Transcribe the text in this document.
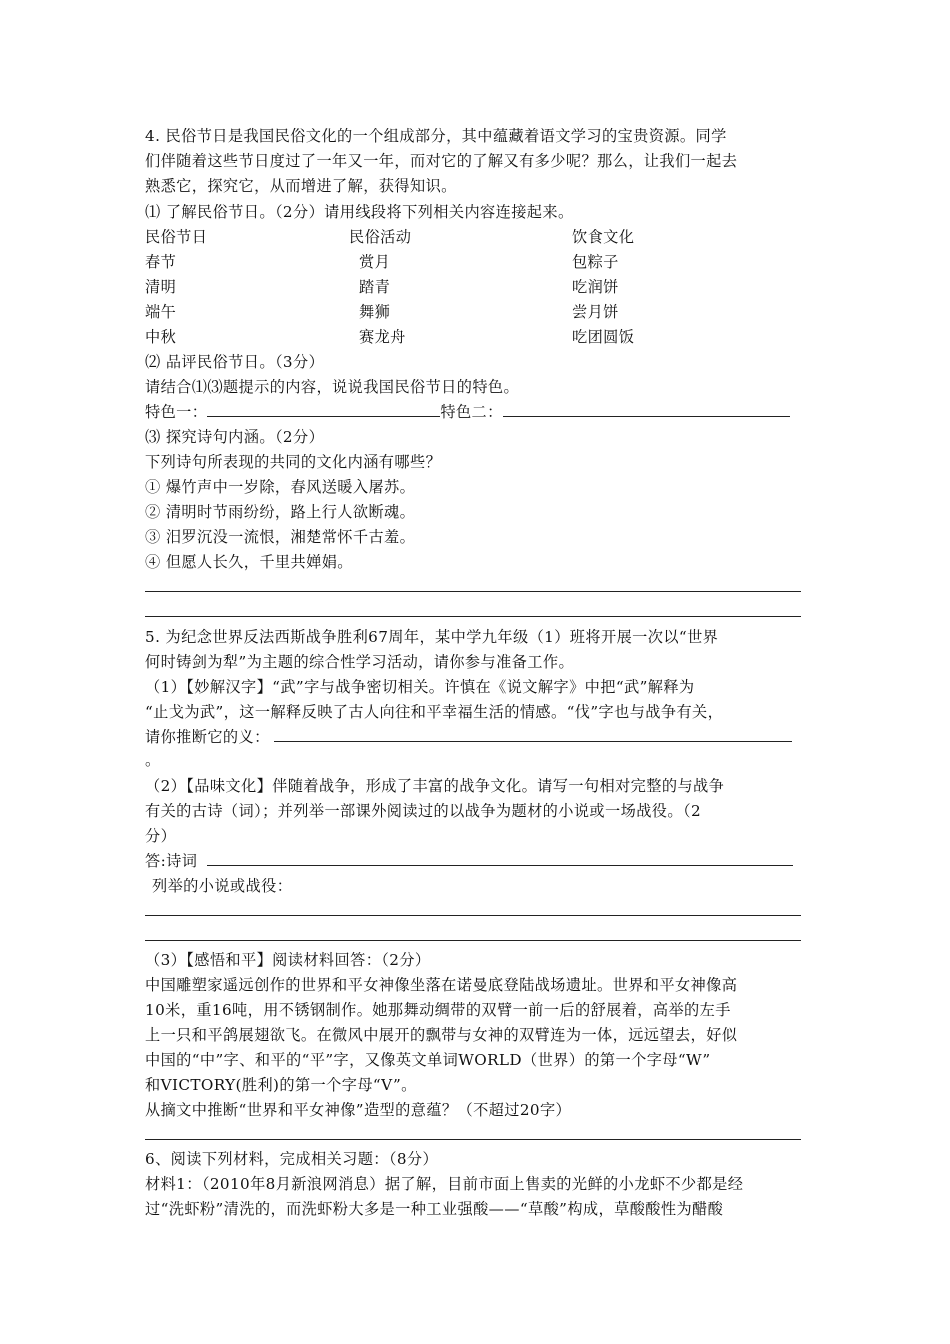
4. 民俗节日是我国民俗文化的一个组成部分，其中蕴藏着语文学习的宝贵资源。同学
们伴随着这些节日度过了一年又一年，而对它的了解又有多少呢？那么，让我们一起去
熟悉它，探究它，从而增进了解，获得知识。
⑴ 了解民俗节日。（2分）请用线段将下列相关内容连接起来。
民俗节日	民俗活动	饮食文化
春节	赏月	包粽子
清明	踏青	吃润饼
端午	舞狮	尝月饼
中秋	赛龙舟	吃团圆饭
⑵ 品评民俗节日。（3分）
请结合⑴⑶题提示的内容，说说我国民俗节日的特色。
特色一：	特色二：
⑶ 探究诗句内涵。（2分）
下列诗句所表现的共同的文化内涵有哪些？
① 爆竹声中一岁除，春风送暖入屠苏。
② 清明时节雨纷纷，路上行人欲断魂。
③ 汨罗沉没一流恨，湘楚常怀千古羞。
④ 但愿人长久，千里共婵娟。
5. 为纪念世界反法西斯战争胜利67周年，某中学九年级（1）班将开展一次以“世界
何时铸剑为犁”为主题的综合性学习活动，请你参与准备工作。
（1）【妙解汉字】“武”字与战争密切相关。许慎在《说文解字》中把“武”解释为
“止戈为武”，这一解释反映了古人向往和平幸福生活的情感。“伐”字也与战争有关，
请你推断它的义：
。
（2）【品味文化】伴随着战争，形成了丰富的战争文化。请写一句相对完整的与战争
有关的古诗（词）；并列举一部课外阅读过的以战争为题材的小说或一场战役。（2
分）
答:诗词
列举的小说或战役：
（3）【感悟和平】阅读材料回答：（2分）
中国雕塑家遥远创作的世界和平女神像坐落在诺曼底登陆战场遗址。世界和平女神像高
10米，重16吨，用不锈钢制作。她那舞动绸带的双臂一前一后的舒展着，高举的左手
上一只和平鸽展翅欲飞。在微风中展开的飘带与女神的双臂连为一体，远远望去，好似
中国的“中”字、和平的“平”字，又像英文单词WORLD（世界）的第一个字母“W”
和VICTORY(胜利)的第一个字母“V”。
从摘文中推断“世界和平女神像”造型的意蕴？（不超过20字）
6、阅读下列材料，完成相关习题：（8分）
材料1：（2010年8月新浪网消息）据了解，目前市面上售卖的光鲜的小龙虾不少都是经
过“洗虾粉”清洗的，而洗虾粉大多是一种工业强酸——“草酸”构成，草酸酸性为醋酸
